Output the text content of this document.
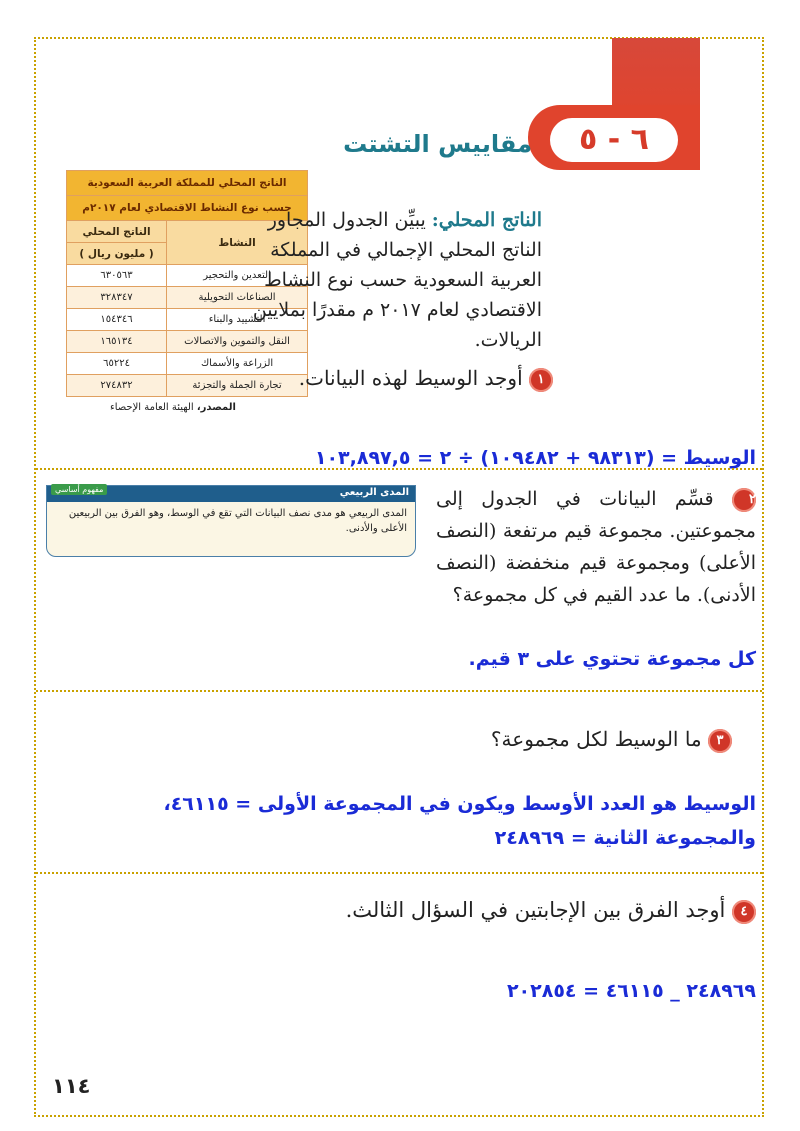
٦ - ٥
مقاييس التشتت
الناتج المحلي للمملكة العربية السعودية	
حسب نوع النشاط الاقتصادي لعام ٢٠١٧م	
النشاط	الناتج المحلي
	( مليون ريال )
التعدين والتحجير	٦٣٠٥٦٣
الصناعات التحويلية	٣٢٨٣٤٧
التشييد والبناء	١٥٤٣٤٦
النقل والتموين والاتصالات	١٦٥١٣٤
الزراعة والأسماك	٦٥٢٢٤
تجارة الجملة والتجزئة	٢٧٤٨٣٢
المصدر، الهيئة العامة الإحصاء
الناتج المحلي: يبيِّن الجدول المجاور الناتج المحلي الإجمالي في المملكة العربية السعودية حسب نوع النشاط الاقتصادي لعام ٢٠١٧ م مقدرًا بملايين الريالات.
١ أوجد الوسيط لهذه البيانات.
الوسيط = (٩٨٣١٣ + ١٠٩٤٨٢) ÷ ٢ = ١٠٣,٨٩٧,٥
المدى الربيعي
مفهوم أساسي
المدى الربيعي هو مدى نصف البيانات التي تقع في الوسط، وهو الفرق بين الربيعين الأعلى والأدنى.
٢ قسِّم البيانات في الجدول إلى مجموعتين. مجموعة قيم مرتفعة (النصف الأعلى) ومجموعة قيم منخفضة (النصف الأدنى). ما عدد القيم في كل مجموعة؟
كل مجموعة تحتوي على ٣ قيم.
٣ ما الوسيط لكل مجموعة؟
الوسيط هو العدد الأوسط ويكون في المجموعة الأولى = ٤٦١١٥، والمجموعة الثانية = ٢٤٨٩٦٩
٤ أوجد الفرق بين الإجابتين في السؤال الثالث.
٢٤٨٩٦٩ _ ٤٦١١٥ = ٢٠٢٨٥٤
١١٤
